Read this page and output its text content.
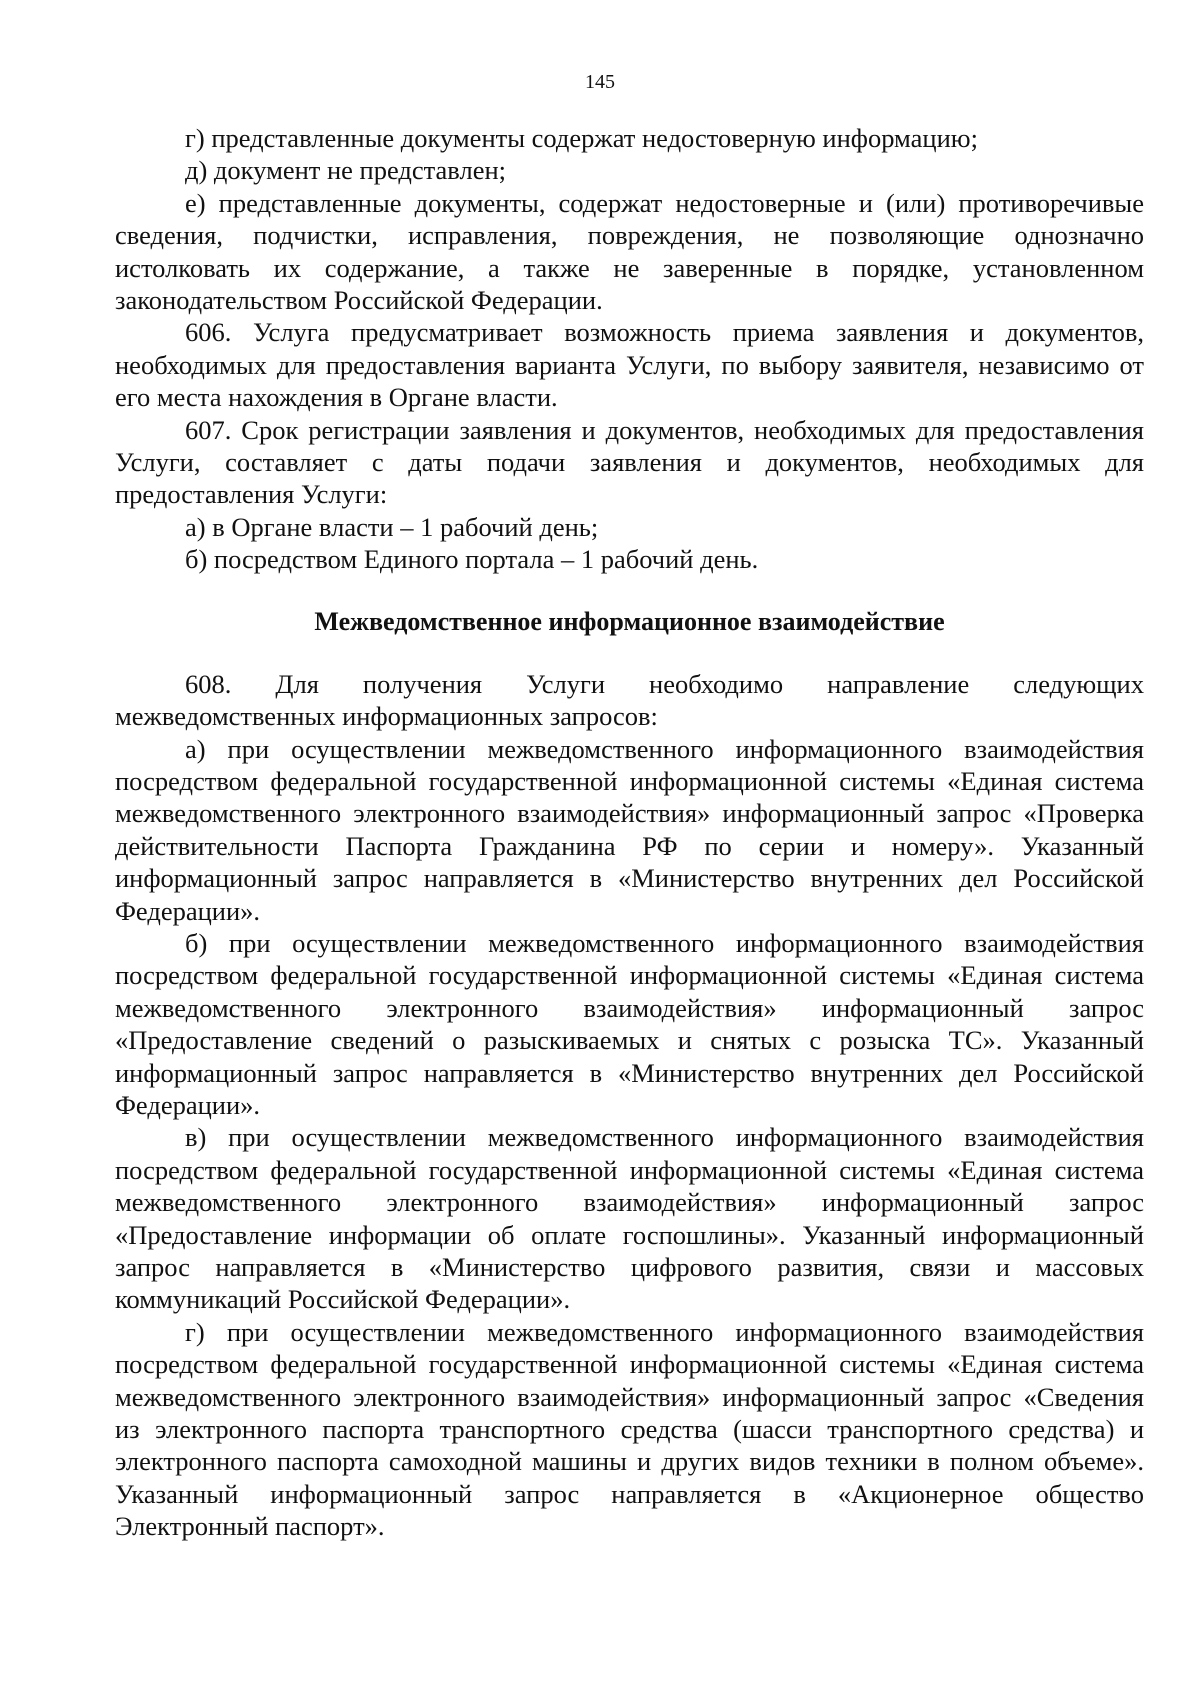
145

г) представленные документы содержат недостоверную информацию;

д) документ не представлен;

е) представленные документы, содержат недостоверные и (или) противоречивые сведения, подчистки, исправления, повреждения, не позволяющие однозначно истолковать их содержание, а также не заверенные в порядке, установленном законодательством Российской Федерации.

606. Услуга предусматривает возможность приема заявления и документов, необходимых для предоставления варианта Услуги, по выбору заявителя, независимо от его места нахождения в Органе власти.

607. Срок регистрации заявления и документов, необходимых для предоставления Услуги, составляет с даты подачи заявления и документов, необходимых для предоставления Услуги:

а) в Органе власти – 1 рабочий день;

б) посредством Единого портала – 1 рабочий день.

Межведомственное информационное взаимодействие

608. Для получения Услуги необходимо направление следующих межведомственных информационных запросов:

а) при осуществлении межведомственного информационного взаимодействия посредством федеральной государственной информационной системы «Единая система межведомственного электронного взаимодействия» информационный запрос «Проверка действительности Паспорта Гражданина РФ по серии и номеру». Указанный информационный запрос направляется в «Министерство внутренних дел Российской Федерации».

б) при осуществлении межведомственного информационного взаимодействия посредством федеральной государственной информационной системы «Единая система межведомственного электронного взаимодействия» информационный запрос «Предоставление сведений о разыскиваемых и снятых с розыска ТС». Указанный информационный запрос направляется в «Министерство внутренних дел Российской Федерации».

в) при осуществлении межведомственного информационного взаимодействия посредством федеральной государственной информационной системы «Единая система межведомственного электронного взаимодействия» информационный запрос «Предоставление информации об оплате госпошлины». Указанный информационный запрос направляется в «Министерство цифрового развития, связи и массовых коммуникаций Российской Федерации».

г) при осуществлении межведомственного информационного взаимодействия посредством федеральной государственной информационной системы «Единая система межведомственного электронного взаимодействия» информационный запрос «Сведения из электронного паспорта транспортного средства (шасси транспортного средства) и электронного паспорта самоходной машины и других видов техники в полном объеме». Указанный информационный запрос направляется в «Акционерное общество Электронный паспорт».
